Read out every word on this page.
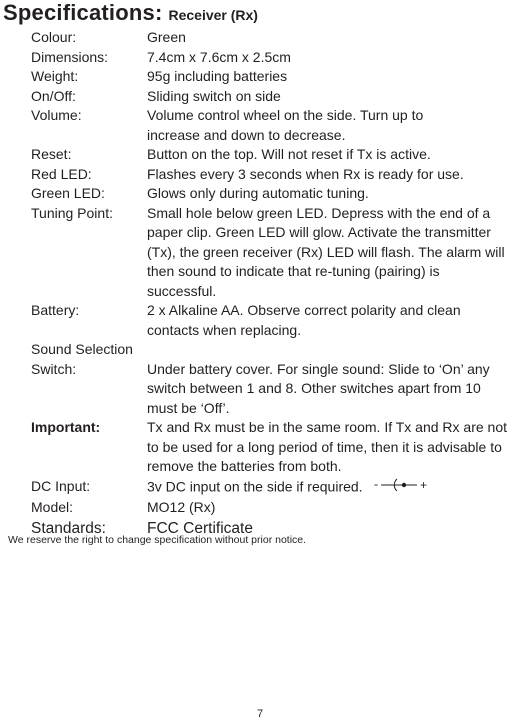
Specifications: Receiver (Rx)
Colour:	Green
Dimensions:	7.4cm x 7.6cm x 2.5cm
Weight:	95g including batteries
On/Off:	Sliding switch on side
Volume:	Volume control wheel on the side. Turn up to increase and down to decrease.
Reset:	Button on the top. Will not reset if Tx is active.
Red LED:	Flashes every 3 seconds when Rx is ready for use.
Green LED:	Glows only during automatic tuning.
Tuning Point:	Small hole below green LED. Depress with the end of a paper clip. Green LED will glow. Activate the transmitter (Tx), the green receiver (Rx) LED will flash. The alarm will then sound to indicate that re-tuning (pairing) is successful.
Battery:	2 x Alkaline AA. Observe correct polarity and clean contacts when replacing.
Sound Selection
Switch:	Under battery cover. For single sound: Slide to ‘On’ any switch between 1 and 8. Other switches apart from 10 must be ‘Off’.
Important:	Tx and Rx must be in the same room. If Tx and Rx are not to be used for a long period of time, then it is advisable to remove the batteries from both.
DC Input:	3v DC input on the side if required. -	+
Model:	MO12 (Rx)
Standards:	FCC Certificate
We reserve the right to change specification without prior notice.
7
